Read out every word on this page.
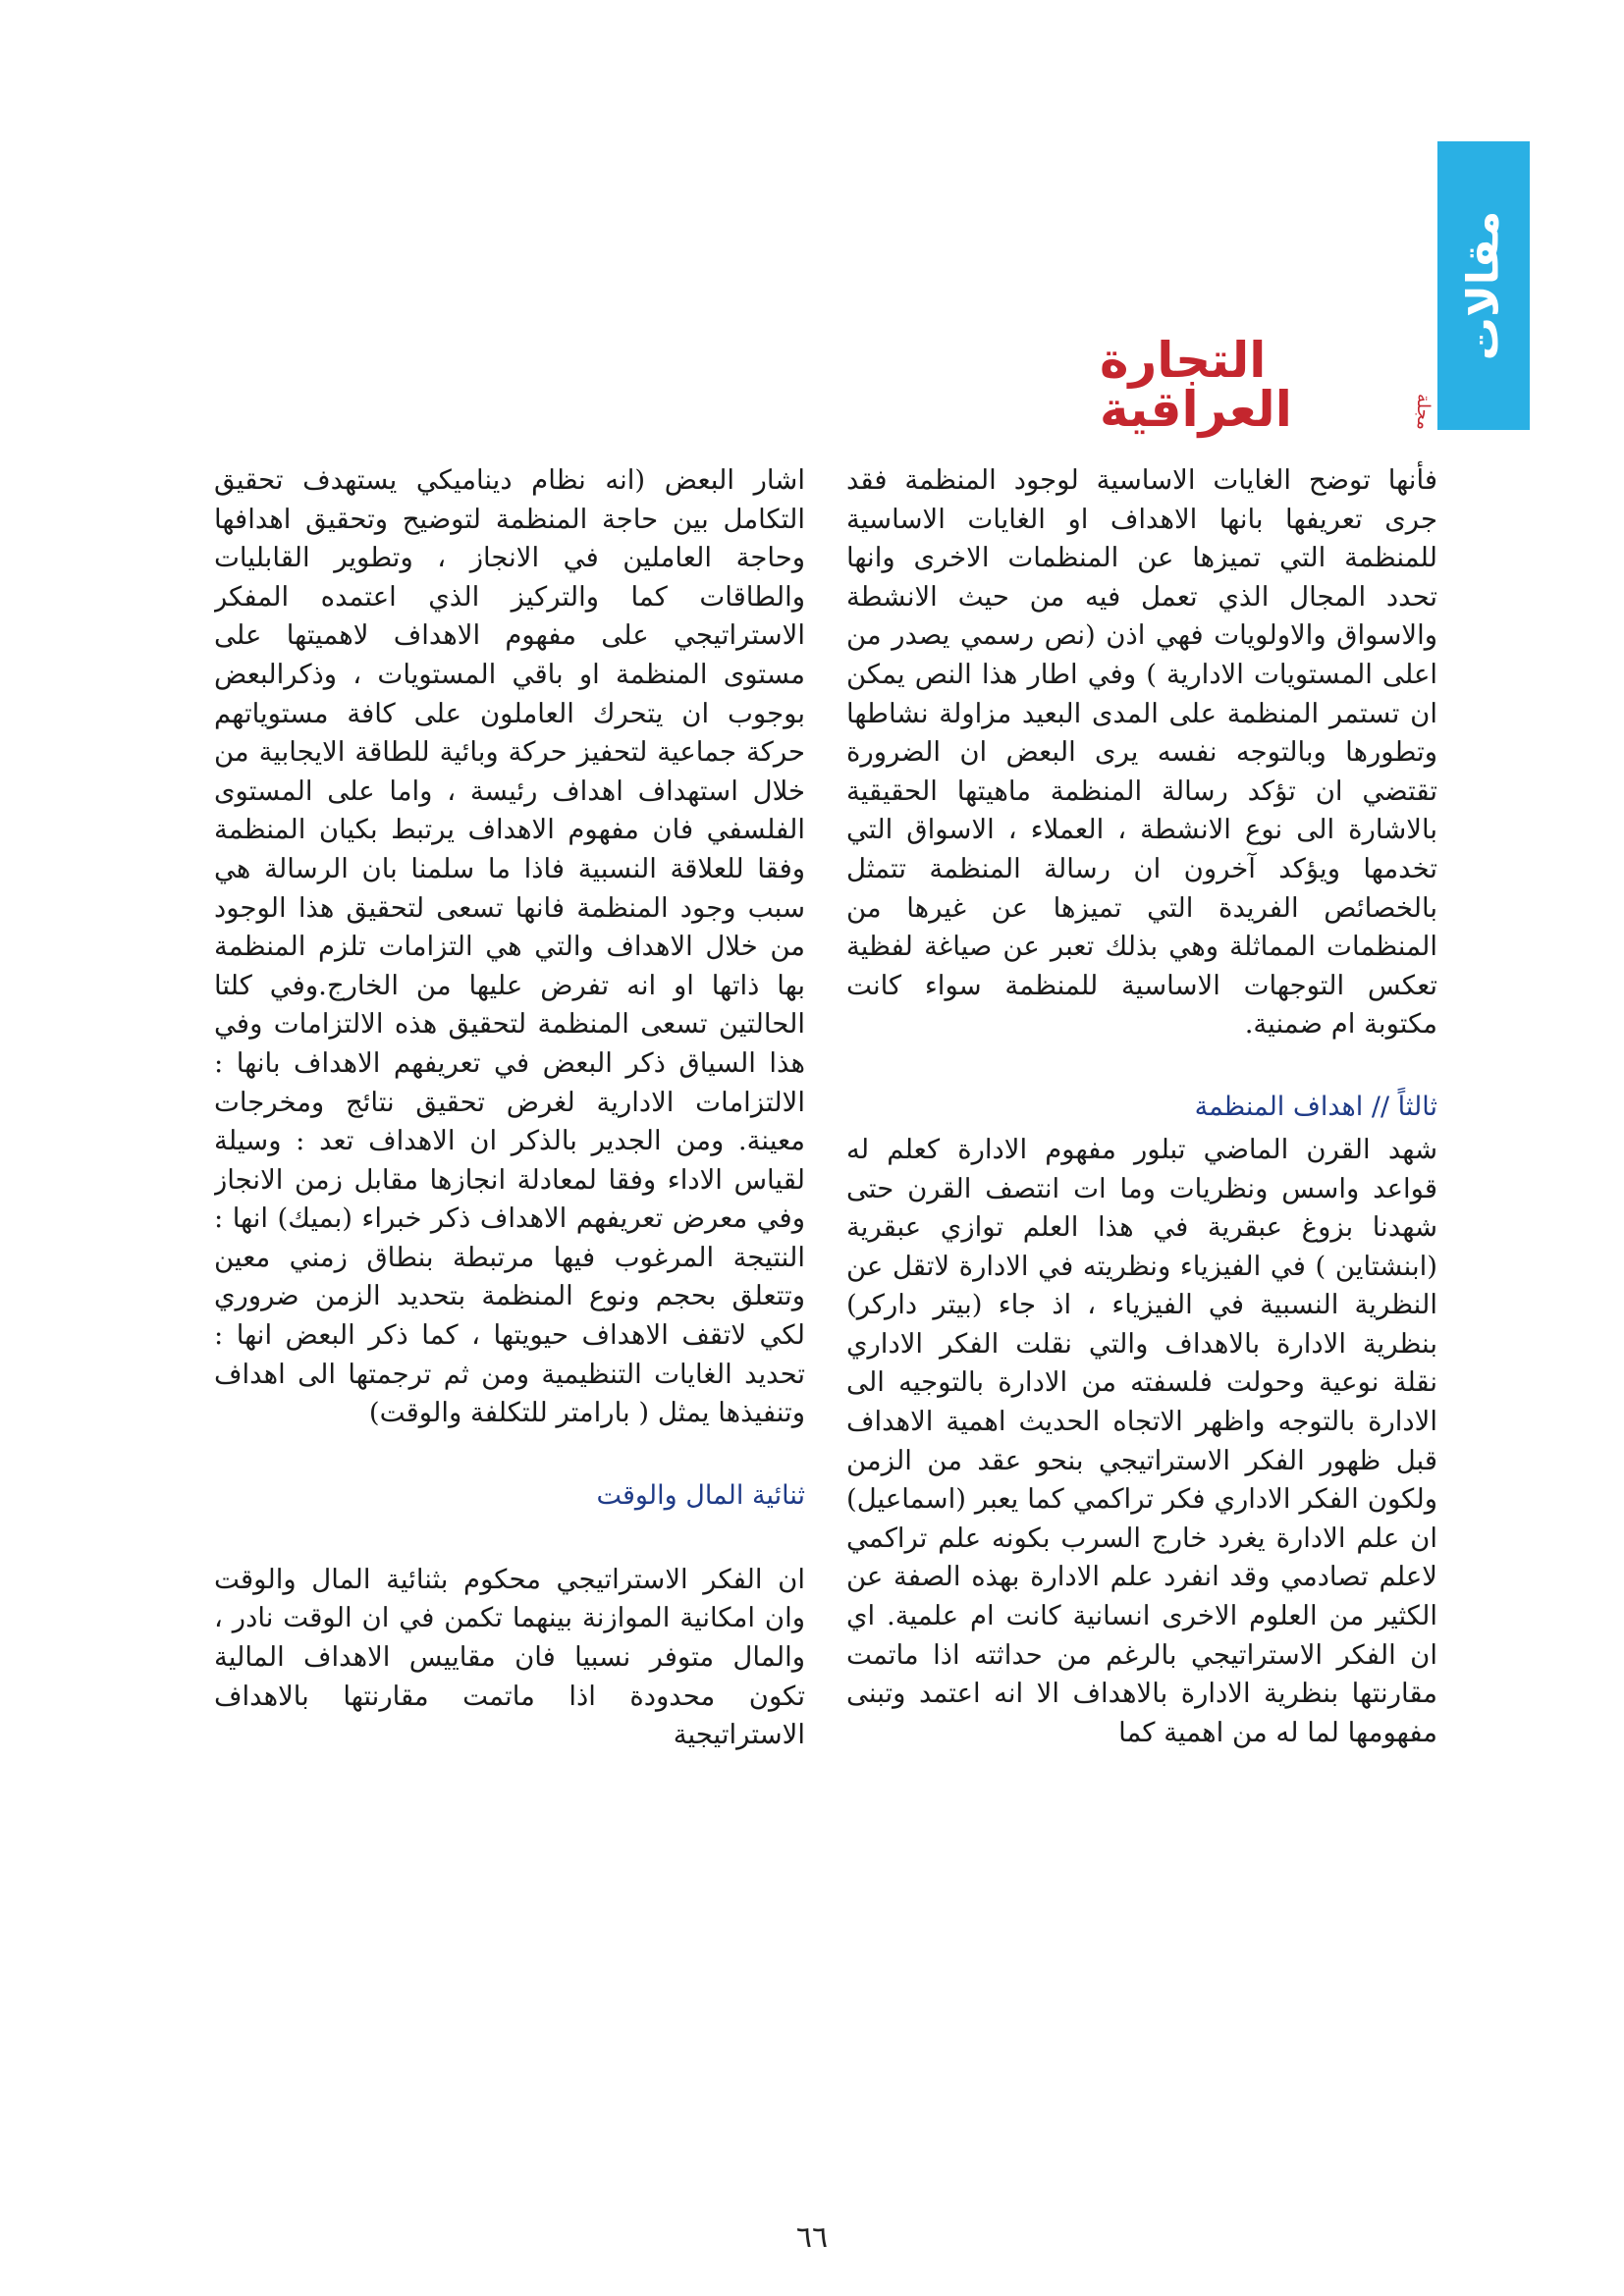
مقالات
التجارة العراقية	مجلة

فأنها توضح الغايات الاساسية لوجود المنظمة فقد جرى تعريفها بانها الاهداف او الغايات الاساسية للمنظمة التي تميزها عن المنظمات الاخرى وانها تحدد المجال الذي تعمل فيه من حيث الانشطة والاسواق والاولويات فهي اذن (نص رسمي يصدر من اعلى المستويات الادارية ) وفي اطار هذا النص يمكن ان تستمر المنظمة على المدى البعيد مزاولة نشاطها وتطورها وبالتوجه نفسه يرى البعض ان الضرورة تقتضي ان تؤكد رسالة المنظمة ماهيتها الحقيقية بالاشارة الى نوع الانشطة ، العملاء ، الاسواق التي تخدمها ويؤكد آخرون ان رسالة المنظمة تتمثل بالخصائص الفريدة التي تميزها عن غيرها من المنظمات المماثلة وهي بذلك تعبر عن صياغة لفظية تعكس التوجهات الاساسية للمنظمة سواء كانت مكتوبة ام ضمنية.

ثالثاً // اهداف المنظمة

شهد القرن الماضي تبلور مفهوم الادارة كعلم له قواعد واسس ونظريات وما ات انتصف القرن حتى شهدنا بزوغ عبقرية في هذا العلم توازي عبقرية (ابنشتاين ) في الفيزياء ونظريته في الادارة لاتقل عن النظرية النسبية في الفيزياء ، اذ جاء (بيتر داركر) بنظرية الادارة بالاهداف والتي نقلت الفكر الاداري نقلة نوعية وحولت فلسفته من الادارة بالتوجيه الى الادارة بالتوجه واظهر الاتجاه الحديث اهمية الاهداف قبل ظهور الفكر الاستراتيجي بنحو عقد من الزمن ولكون الفكر الاداري فكر تراكمي كما يعبر (اسماعيل) ان علم الادارة يغرد خارج السرب بكونه علم تراكمي لاعلم تصادمي وقد انفرد علم الادارة بهذه الصفة عن الكثير من العلوم الاخرى انسانية كانت ام علمية. اي ان الفكر الاستراتيجي بالرغم من حداثته اذا ماتمت مقارنتها بنظرية الادارة بالاهداف الا انه اعتمد وتبنى مفهومها لما له من اهمية كما

اشار البعض (انه نظام ديناميكي يستهدف تحقيق التكامل بين حاجة المنظمة لتوضيح وتحقيق اهدافها وحاجة العاملين في الانجاز ، وتطوير القابليات والطاقات كما والتركيز الذي اعتمده المفكر الاستراتيجي على مفهوم الاهداف لاهميتها على مستوى المنظمة او باقي المستويات ، وذكرالبعض بوجوب ان يتحرك العاملون على كافة مستوياتهم حركة جماعية لتحفيز حركة وبائية للطاقة الايجابية من خلال استهداف اهداف رئيسة ، واما على المستوى الفلسفي فان مفهوم الاهداف يرتبط بكيان المنظمة وفقا للعلاقة النسبية فاذا ما سلمنا بان الرسالة هي سبب وجود المنظمة فانها تسعى لتحقيق هذا الوجود من خلال الاهداف والتي هي التزامات تلزم المنظمة بها ذاتها او انه تفرض عليها من الخارج.وفي كلتا الحالتين تسعى المنظمة لتحقيق هذه الالتزامات وفي هذا السياق ذكر البعض في تعريفهم الاهداف بانها : الالتزامات الادارية لغرض تحقيق نتائج ومخرجات معينة. ومن الجدير بالذكر ان الاهداف تعد : وسيلة لقياس الاداء وفقا لمعادلة انجازها مقابل زمن الانجاز وفي معرض تعريفهم الاهداف ذكر خبراء (بميك) انها : النتيجة المرغوب فيها مرتبطة بنطاق زمني معين وتتعلق بحجم ونوع المنظمة بتحديد الزمن ضروري لكي لاتقف الاهداف حيويتها ، كما ذكر البعض انها : تحديد الغايات التنظيمية ومن ثم ترجمتها الى اهداف وتنفيذها يمثل ( بارامتر للتكلفة والوقت)

ثنائية المال والوقت

ان الفكر الاستراتيجي محكوم بثنائية المال والوقت وان امكانية الموازنة بينهما تكمن في ان الوقت نادر ، والمال متوفر نسبيا فان مقاييس الاهداف المالية تكون محدودة اذا ماتمت مقارنتها بالاهداف الاستراتيجية

٦٦
